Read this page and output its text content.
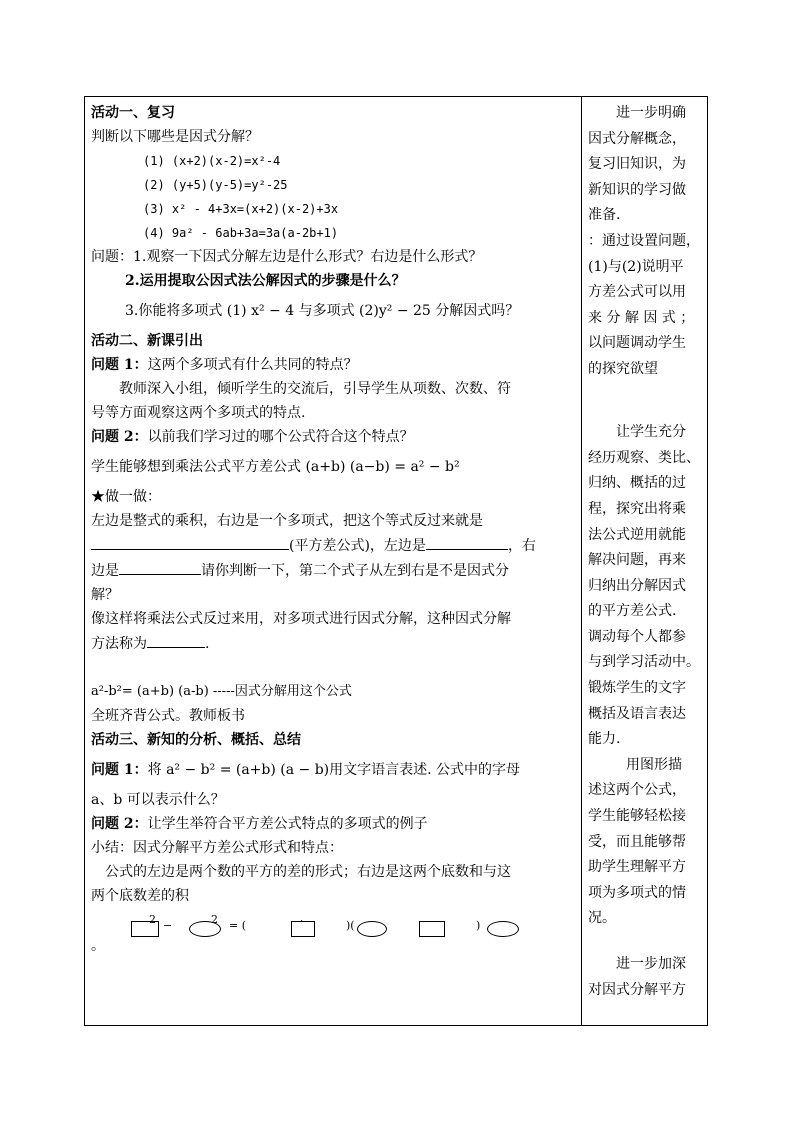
活动一、复习
判断以下哪些是因式分解？
(1) (x+2)(x-2)=x²-4
(2) (y+5)(y-5)=y²-25
(3) x² - 4+3x=(x+2)(x-2)+3x
(4) 9a² - 6ab+3a=3a(a-2b+1)
问题：1.观察一下因式分解左边是什么形式？右边是什么形式？
2.运用提取公因式法公解因式的步骤是什么？
3.你能将多项式 (1) x² − 4 与多项式 (2)y² − 25 分解因式吗？
活动二、新课引出
问题 1：这两个多项式有什么共同的特点？
教师深入小组，倾听学生的交流后，引导学生从项数、次数、符
号等方面观察这两个多项式的特点.
问题 2：以前我们学习过的哪个公式符合这个特点？
学生能够想到乘法公式平方差公式 (a+b) (a−b) = a² − b²
★做一做：
左边是整式的乘积，右边是一个多项式，把这个等式反过来就是
(平方差公式)，左边是	，右
边是	请你判断一下，第二个式子从左到右是不是因式分
解？
像这样将乘法公式反过来用，对多项式进行因式分解，这种因式分解
方法称为	.
a²-b²= (a+b) (a-b) -----因式分解用这个公式
全班齐背公式。教师板书
活动三、新知的分析、概括、总结
问题 1：将 a² − b² = (a+b) (a − b)用文字语言表述. 公式中的字母
a、b 可以表示什么？
问题 2：让学生举符合平方差公式特点的多项式的例子
小结：因式分解平方差公式形式和特点：
公式的左边是两个数的平方的差的形式；右边是这两个底数和与这
两个底数差的积
2 −	2 = (	)(	)
。
进一步明确
因式分解概念，
复习旧知识，为
新知识的学习做
准备.
：通过设置问题，
(1)与(2)说明平
方差公式可以用
来 分 解 因 式 ；
以问题调动学生
的探究欲望
让学生充分
经历观察、类比、
归纳、概括的过
程，探究出将乘
法公式逆用就能
解决问题，再来
归纳出分解因式
的平方差公式.
调动每个人都参
与到学习活动中。
锻炼学生的文字
概括及语言表达
能力.
用图形描
述这两个公式，
学生能够轻松接
受，而且能够帮
助学生理解平方
项为多项式的情
况。
进一步加深
对因式分解平方
